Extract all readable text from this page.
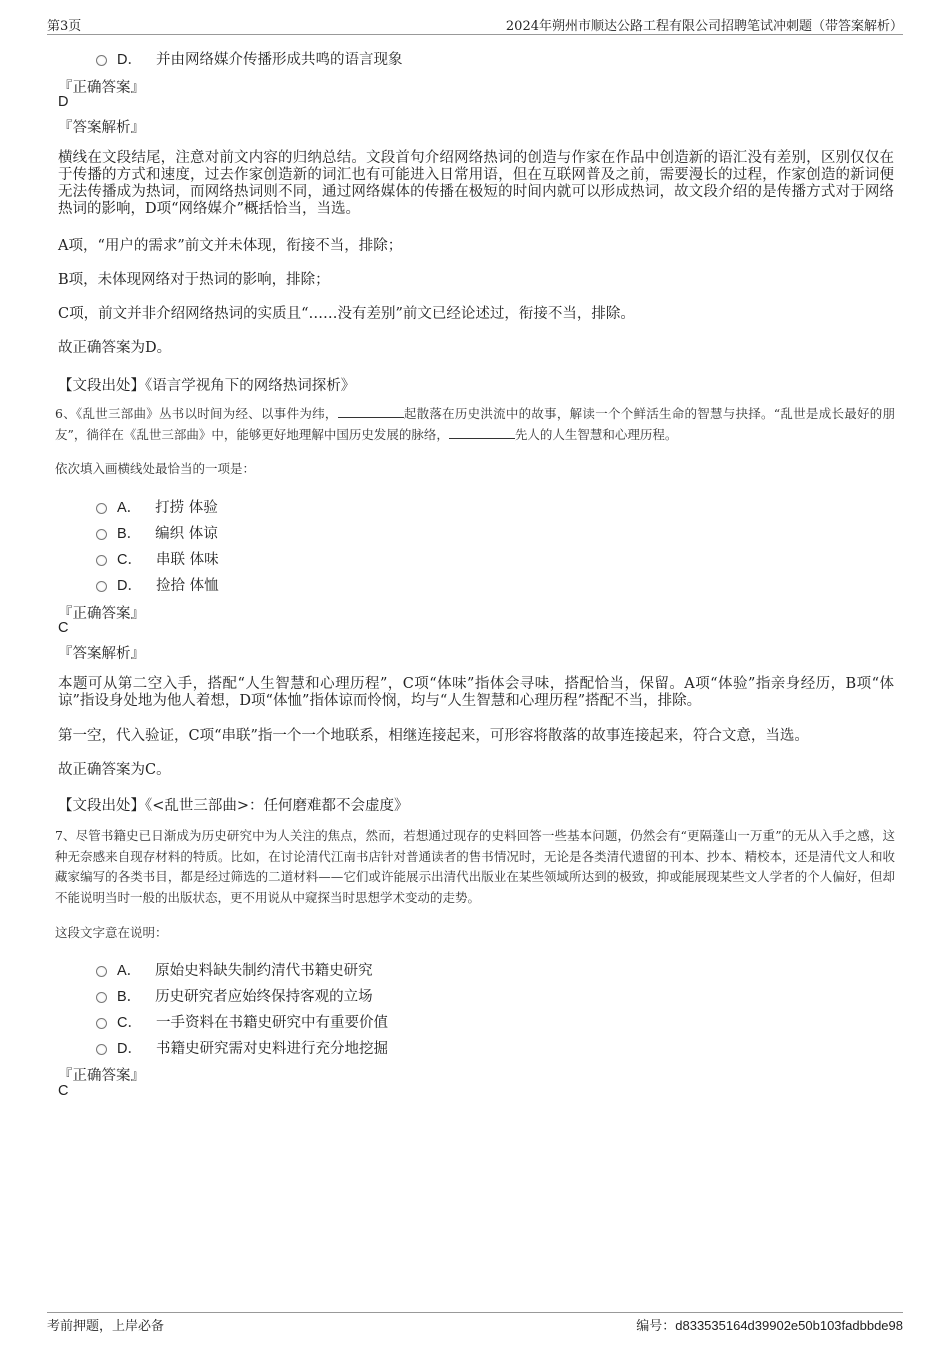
第3页	2024年朔州市顺达公路工程有限公司招聘笔试冲刺题（带答案解析）
D． 并由网络媒介传播形成共鸣的语言现象
『正确答案』
D
『答案解析』
横线在文段结尾，注意对前文内容的归纳总结。文段首句介绍网络热词的创造与作家在作品中创造新的语汇没有差别，区别仅仅在于传播的方式和速度，过去作家创造新的词汇也有可能进入日常用语，但在互联网普及之前，需要漫长的过程，作家创造的新词便无法传播成为热词，而网络热词则不同，通过网络媒体的传播在极短的时间内就可以形成热词，故文段介绍的是传播方式对于网络热词的影响，D项“网络媒介”概括恰当，当选。
A项，“用户的需求”前文并未体现，衔接不当，排除；
B项，未体现网络对于热词的影响，排除；
C项，前文并非介绍网络热词的实质且“……没有差别”前文已经论述过，衔接不当，排除。
故正确答案为D。
【文段出处】《语言学视角下的网络热词探析》
6、《乱世三部曲》丛书以时间为经、以事件为纬，	起散落在历史洪流中的故事，解读一个个鲜活生命的智慧与抉择。“乱世是成长最好的朋友”，徜徉在《乱世三部曲》中，能够更好地理解中国历史发展的脉络，	先人的人生智慧和心理历程。
依次填入画横线处最恰当的一项是：
A． 打捞 体验
B． 编织 体谅
C． 串联 体味
D． 捡拾 体恤
『正确答案』
C
『答案解析』
本题可从第二空入手，搭配“人生智慧和心理历程”，C项“体味”指体会寻味，搭配恰当，保留。A项“体验”指亲身经历，B项“体谅”指设身处地为他人着想，D项“体恤”指体谅而怜悯，均与“人生智慧和心理历程”搭配不当，排除。
第一空，代入验证，C项“串联”指一个一个地联系，相继连接起来，可形容将散落的故事连接起来，符合文意，当选。
故正确答案为C。
【文段出处】《<乱世三部曲>：任何磨难都不会虚度》
7、尽管书籍史已日渐成为历史研究中为人关注的焦点，然而，若想通过现存的史料回答一些基本问题，仍然会有“更隔蓬山一万重”的无从入手之感，这种无奈感来自现存材料的特质。比如，在讨论清代江南书店针对普通读者的售书情况时，无论是各类清代遗留的刊本、抄本、精校本，还是清代文人和收藏家编写的各类书目，都是经过筛选的二道材料——它们或许能展示出清代出版业在某些领域所达到的极致，抑或能展现某些文人学者的个人偏好，但却不能说明当时一般的出版状态，更不用说从中窥探当时思想学术变动的走势。
这段文字意在说明：
A． 原始史料缺失制约清代书籍史研究
B． 历史研究者应始终保持客观的立场
C． 一手资料在书籍史研究中有重要价值
D． 书籍史研究需对史料进行充分地挖掘
『正确答案』
C
考前押题，上岸必备	编号：d833535164d39902e50b103fadbbde98
